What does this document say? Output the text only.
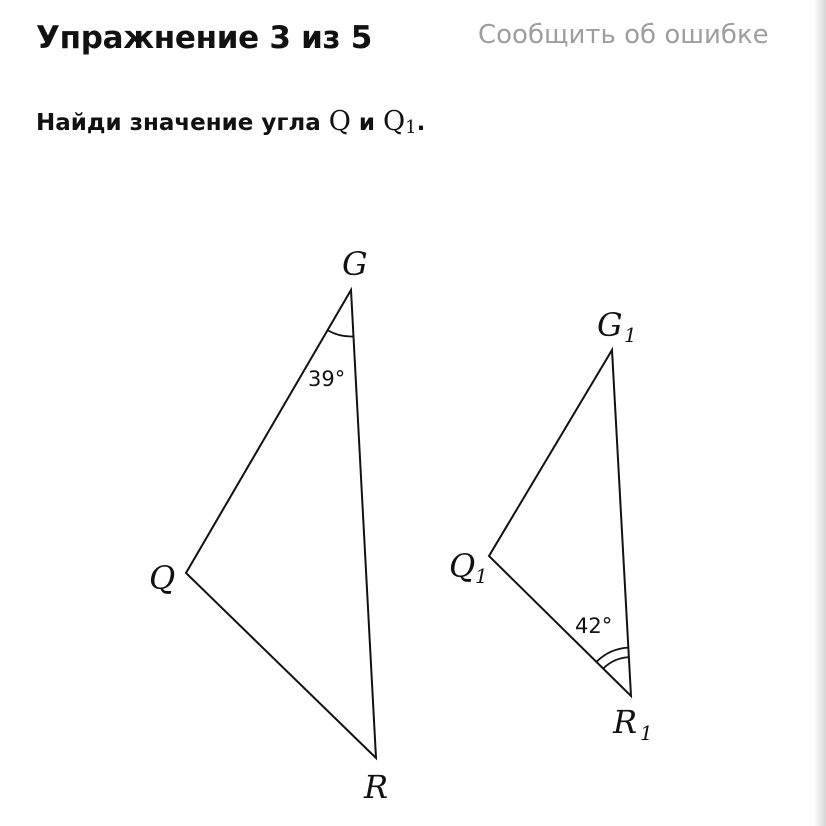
Упражнение 3 из 5	Сообщить об ошибке
Найди значение угла Q и $Q_1$.
39°
G
Q
R
42°
G 1
Q 1
R 1
